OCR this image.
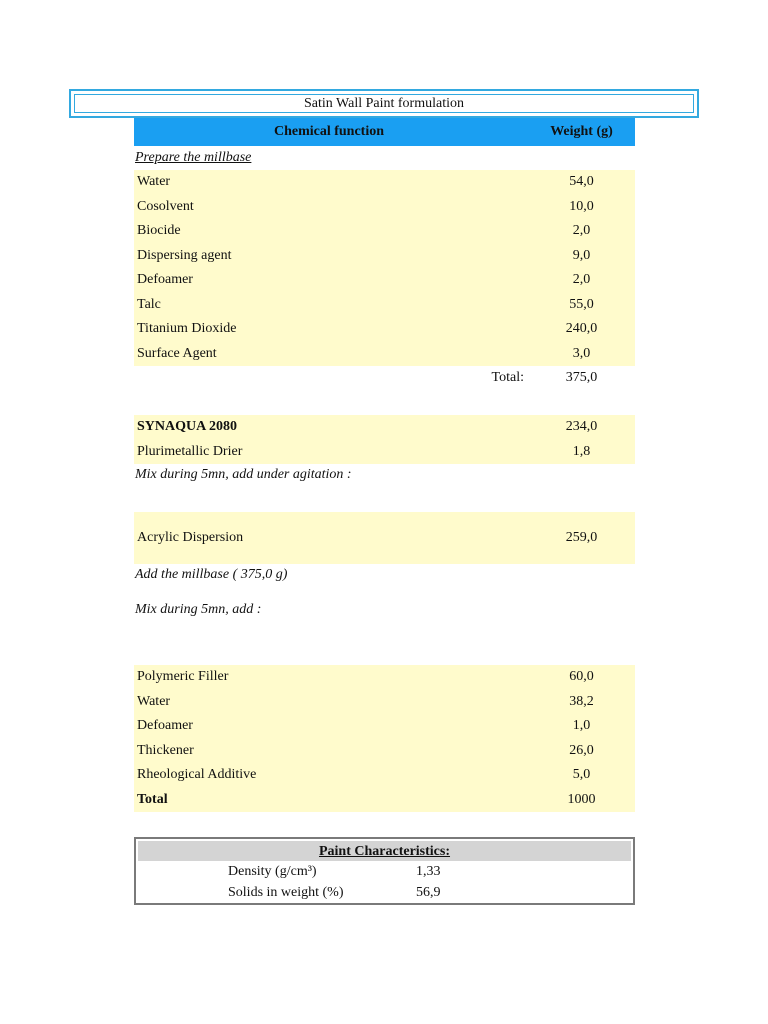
Satin Wall Paint formulation
Chemical function	Weight (g)
Prepare the millbase
Water	54,0
Cosolvent	10,0
Biocide	2,0
Dispersing agent	9,0
Defoamer	2,0
Talc	55,0
Titanium Dioxide	240,0
Surface Agent	3,0
Total:	375,0
SYNAQUA 2080	234,0
Plurimetallic Drier	1,8
Mix during 5mn, add under agitation :
Acrylic Dispersion	259,0
Add the millbase ( 375,0 g)
Mix during 5mn, add :
Polymeric Filler	60,0
Water	38,2
Defoamer	1,0
Thickener	26,0
Rheological Additive	5,0
Total	1000
Paint Characteristics:
Density (g/cm³)	1,33
Solids in weight (%)	56,9
